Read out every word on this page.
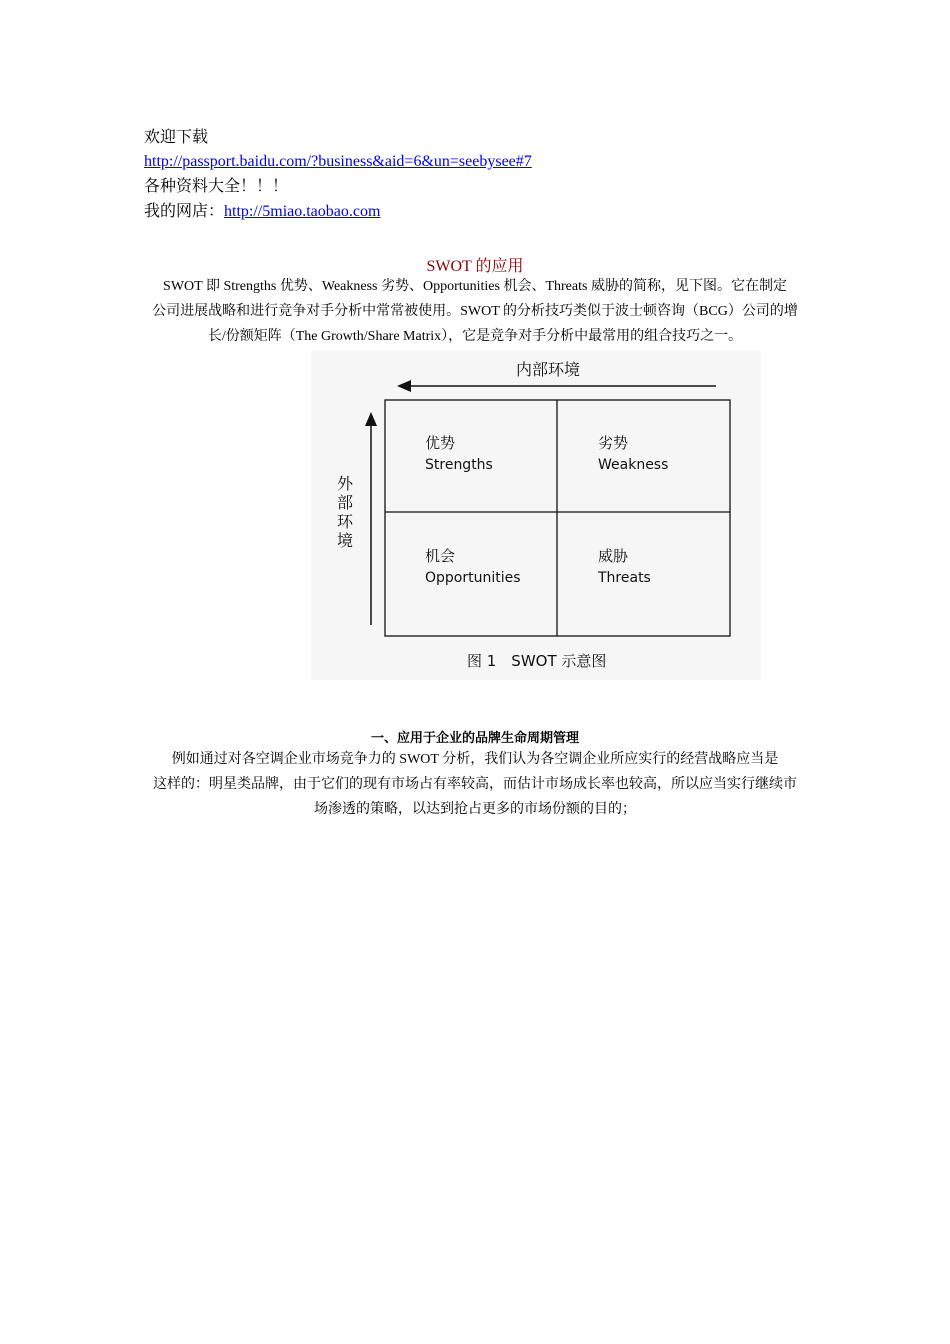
欢迎下载
http://passport.baidu.com/?business&aid=6&un=seebysee#7
各种资料大全！！！
我的网店：http://5miao.taobao.com
SWOT 的应用
SWOT 即 Strengths 优势、Weakness 劣势、Opportunities 机会、Threats 威胁的简称，见下图。它在制定
公司进展战略和进行竞争对手分析中常常被使用。SWOT 的分析技巧类似于波士顿咨询（BCG）公司的增
长/份额矩阵（The Growth/Share Matrix），它是竞争对手分析中最常用的组合技巧之一。
内部环境
外
部
环
境
优势
Strengths
劣势
Weakness
机会
Opportunities
威胁
Threats
图 1　SWOT 示意图
一、应用于企业的品牌生命周期管理
例如通过对各空调企业市场竞争力的 SWOT 分析，我们认为各空调企业所应实行的经营战略应当是
这样的：明星类品牌，由于它们的现有市场占有率较高，而估计市场成长率也较高，所以应当实行继续市
场渗透的策略，以达到抢占更多的市场份额的目的；
